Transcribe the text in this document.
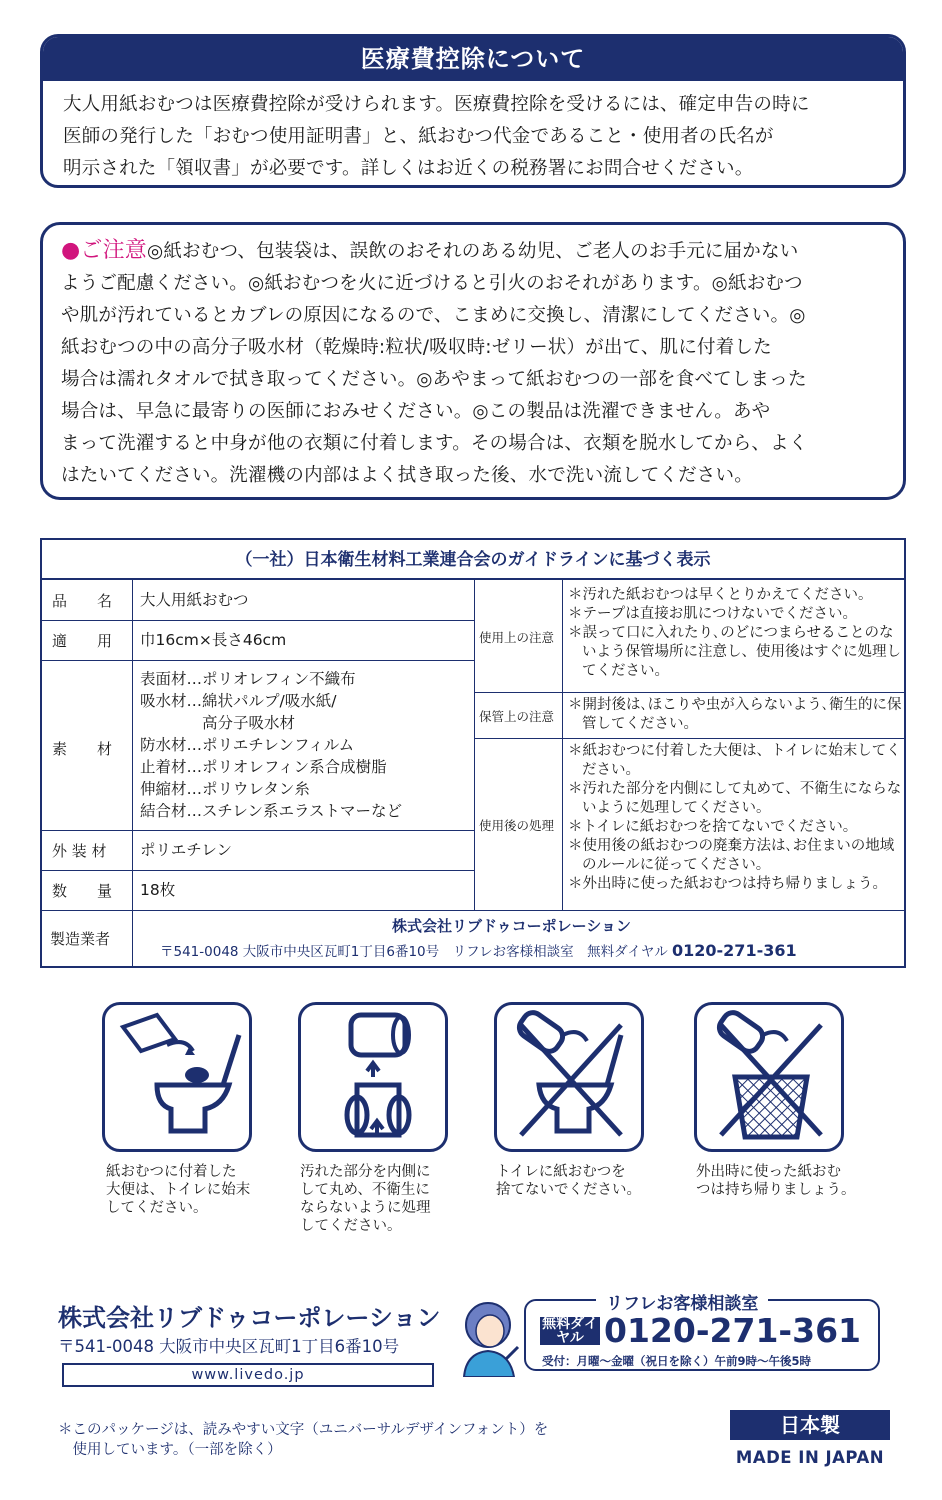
医療費控除について
大人用紙おむつは医療費控除が受けられます。医療費控除を受けるには、確定申告の時に
医師の発行した「おむつ使用証明書」と、紙おむつ代金であること・使用者の氏名が
明示された「領収書」が必要です。詳しくはお近くの税務署にお問合せください。
●ご注意◎紙おむつ、包装袋は、誤飲のおそれのある幼児、ご老人のお手元に届かない
ようご配慮ください。◎紙おむつを火に近づけると引火のおそれがあります。◎紙おむつ
や肌が汚れているとカブレの原因になるので、こまめに交換し、清潔にしてください。◎
紙おむつの中の高分子吸水材（乾燥時:粒状/吸収時:ゼリー状）が出て、肌に付着した
場合は濡れタオルで拭き取ってください。◎あやまって紙おむつの一部を食べてしまった
場合は、早急に最寄りの医師におみせください。◎この製品は洗濯できません。あや
まって洗濯すると中身が他の衣類に付着します。その場合は、衣類を脱水してから、よく
はたいてください。洗濯機の内部はよく拭き取った後、水で洗い流してください。
（一社）日本衛生材料工業連合会のガイドラインに基づく表示
品　　名 大人用紙おむつ
適　　用 巾16cm×長さ46cm
素　　材
表面材…ポリオレフィン不織布
吸水材…綿状パルプ/吸水紙/
　　　　高分子吸水材
防水材…ポリエチレンフィルム
止着材…ポリオレフィン系合成樹脂
伸縮材…ポリウレタン糸
結合材…スチレン系エラストマーなど
外 装 材 ポリエチレン
数　　量 18枚
製造業者
株式会社リブドゥコーポレーション
〒541-0048 大阪市中央区瓦町1丁目6番10号　リフレお客様相談室　無料ダイヤル 0120-271-361
使用上の注意
保管上の注意
使用後の処理
＊汚れた紙おむつは早くとりかえてください。
＊テープは直接お肌につけないでください。
＊誤って口に入れたり､のどにつまらせることのないよう保管場所に注意し、使用後はすぐに処理してください。
＊開封後は､ほこりや虫が入らないよう､衛生的に保管してください。
＊紙おむつに付着した大便は、トイレに始末してください。
＊汚れた部分を内側にして丸めて、不衛生にならないように処理してください。
＊トイレに紙おむつを捨てないでください。
＊使用後の紙おむつの廃棄方法は､お住まいの地域のルールに従ってください。
＊外出時に使った紙おむつは持ち帰りましょう。
紙おむつに付着した
大便は、トイレに始末
してください。
汚れた部分を内側に
して丸め、不衛生に
ならないように処理
してください。
トイレに紙おむつを
捨てないでください。
外出時に使った紙おむ
つは持ち帰りましょう。
株式会社リブドゥコーポレーション
〒541-0048 大阪市中央区瓦町1丁目6番10号
www.livedo.jp
リフレお客様相談室
無料ダイヤル 0120-271-361
受付：月曜～金曜（祝日を除く）午前9時～午後5時
＊このパッケージは、読みやすい文字（ユニバーサルデザインフォント）を
　使用しています。（一部を除く）
日本製
MADE IN JAPAN
